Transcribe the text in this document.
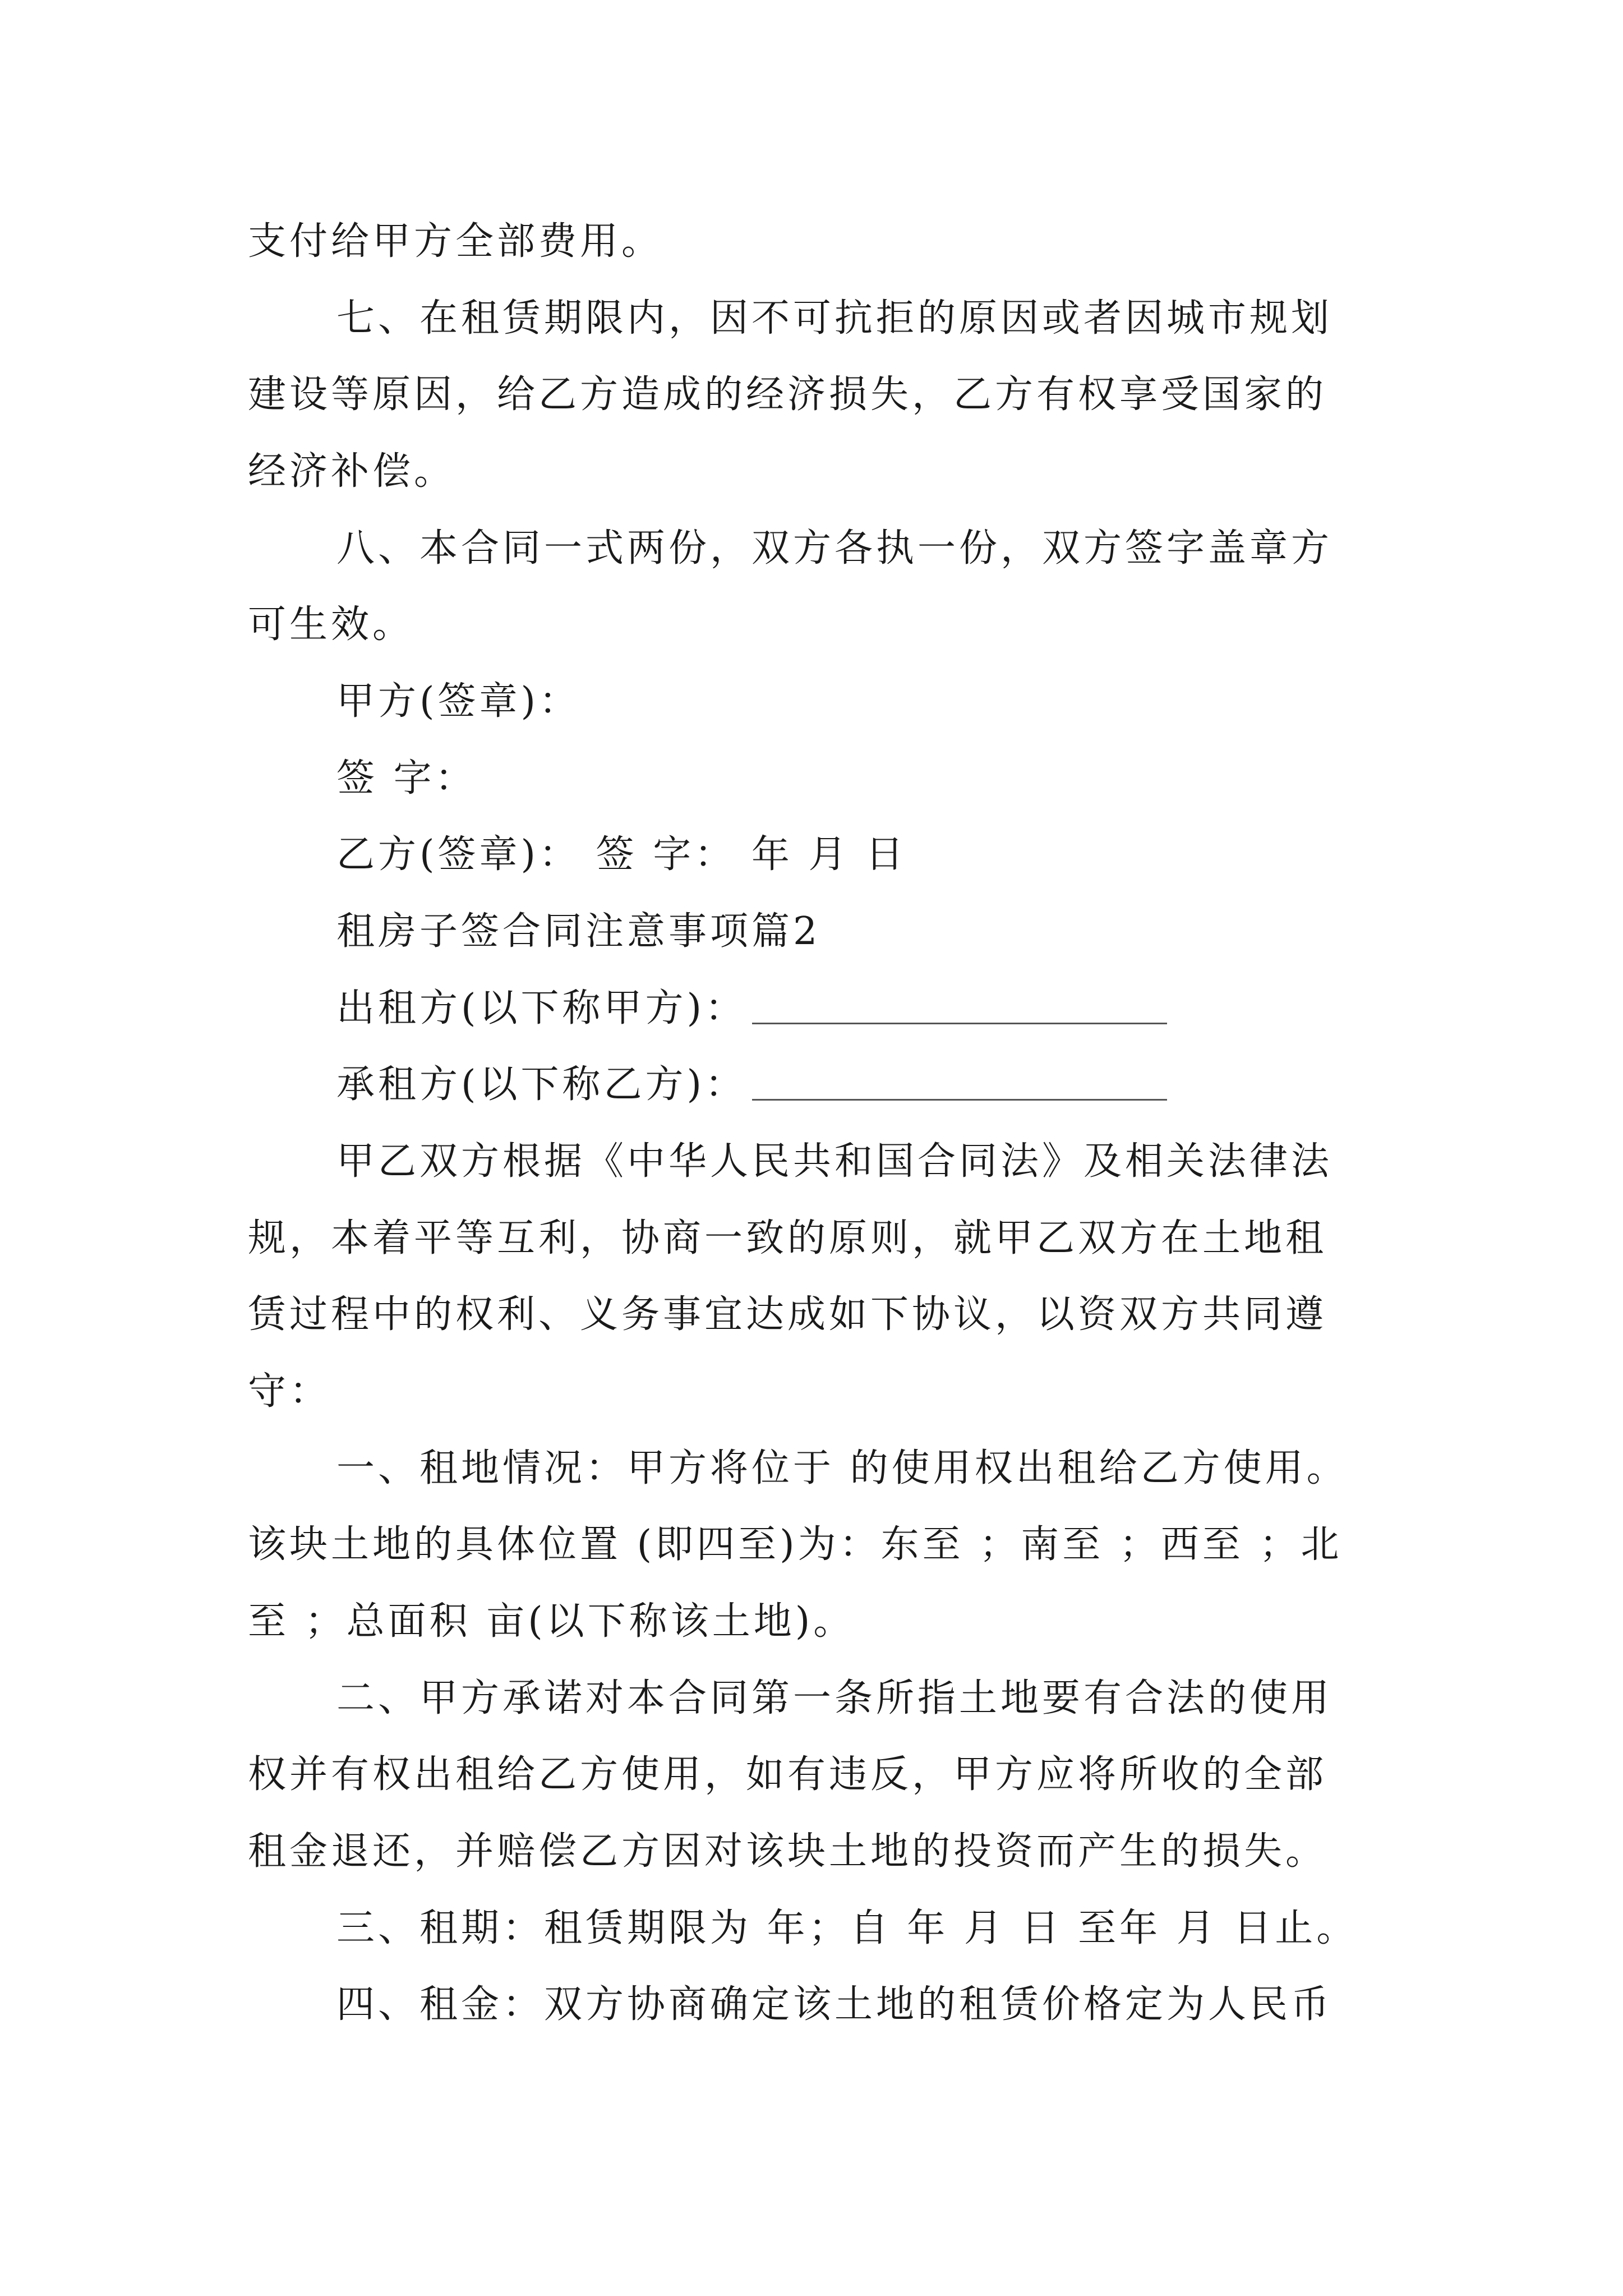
支付给甲方全部费用。
七、在租赁期限内，因不可抗拒的原因或者因城市规划
建设等原因，给乙方造成的经济损失，乙方有权享受国家的
经济补偿。
八、本合同一式两份，双方各执一份，双方签字盖章方
可生效。
甲方(签章)：
签 字：
乙方(签章)： 签 字： 年 月 日
租房子签合同注意事项篇2
出租方(以下称甲方)：
承租方(以下称乙方)：
甲乙双方根据《中华人民共和国合同法》及相关法律法
规，本着平等互利，协商一致的原则，就甲乙双方在土地租
赁过程中的权利、义务事宜达成如下协议，以资双方共同遵
守：
一、租地情况：甲方将位于 的使用权出租给乙方使用。
该块土地的具体位置 (即四至)为：东至 ；南至 ；西至 ；北
至 ；总面积 亩(以下称该土地)。
二、甲方承诺对本合同第一条所指土地要有合法的使用
权并有权出租给乙方使用，如有违反，甲方应将所收的全部
租金退还，并赔偿乙方因对该块土地的投资而产生的损失。
三、租期：租赁期限为 年；自 年 月 日 至年 月 日止。
四、租金：双方协商确定该土地的租赁价格定为人民币
